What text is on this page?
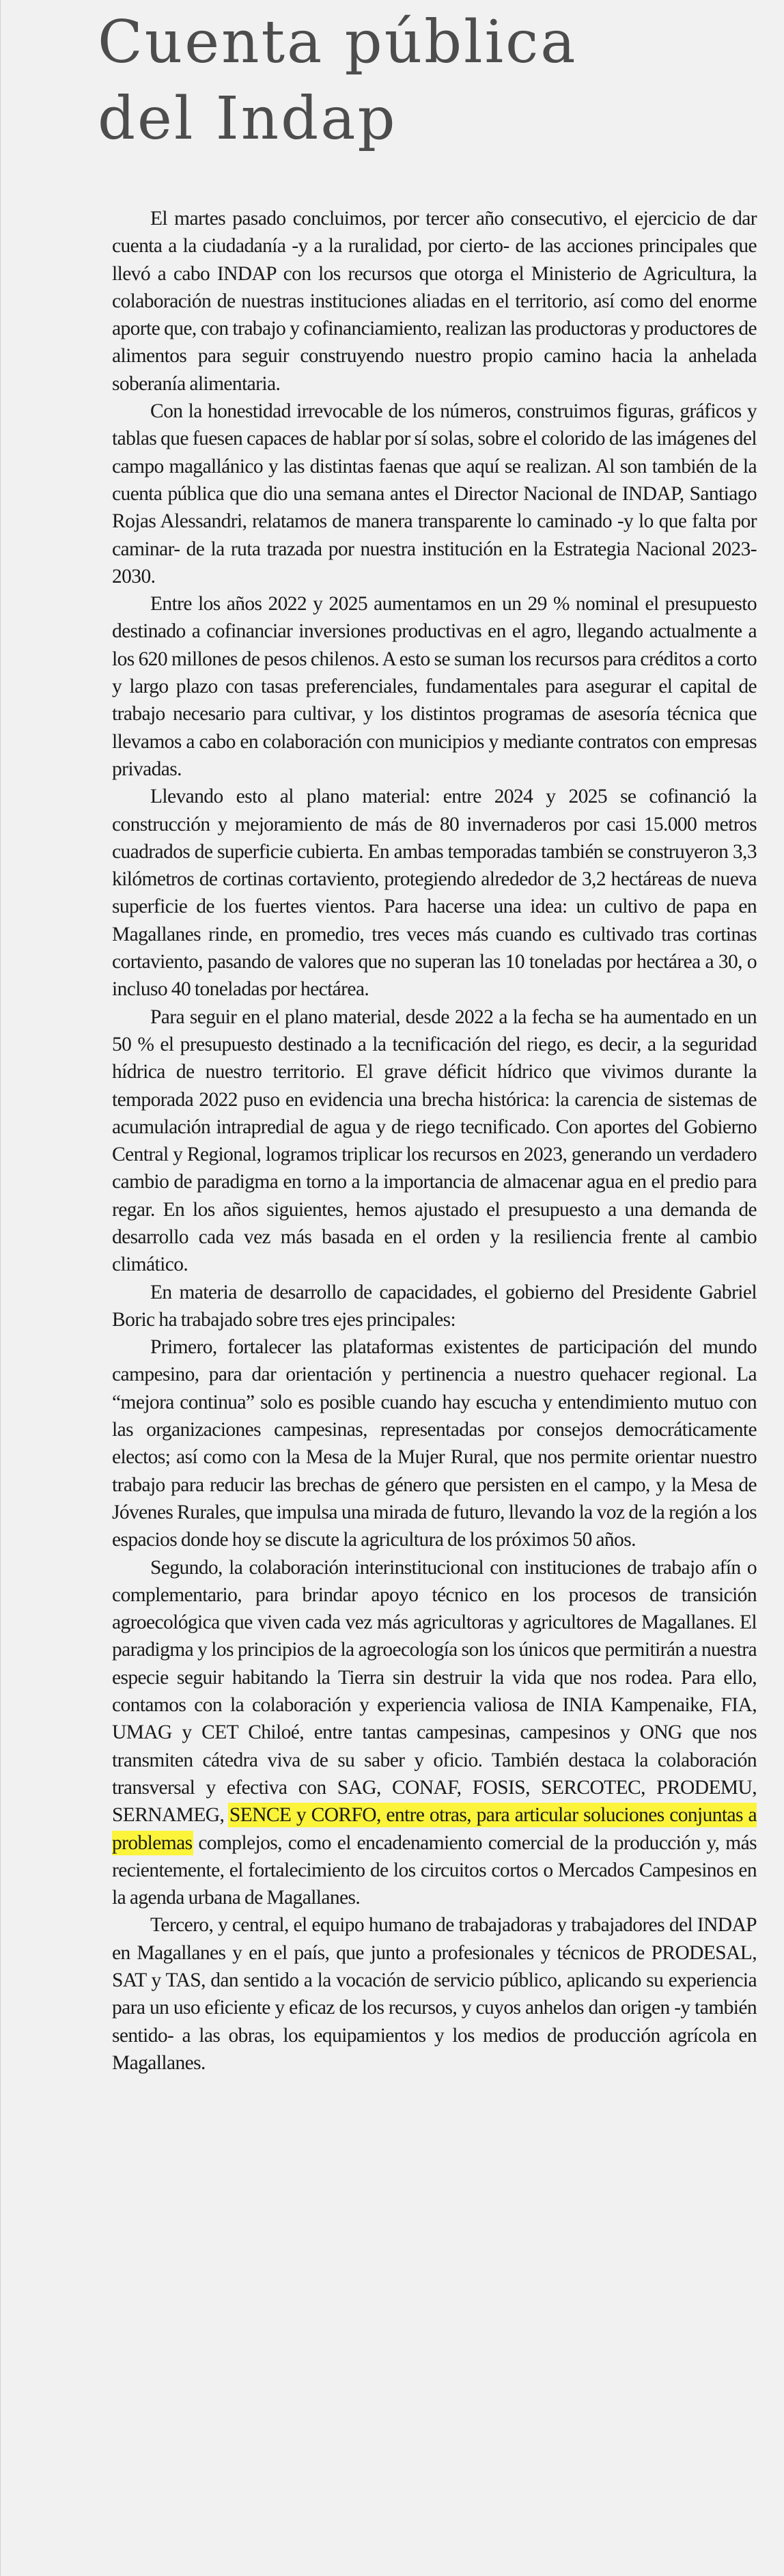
Cuenta pública
del Indap

El martes pasado concluimos, por tercer año consecutivo, el ejercicio de dar cuenta a la ciudadanía -y a la ruralidad, por cierto- de las acciones principales que llevó a cabo INDAP con los recursos que otorga el Ministerio de Agricultura, la colaboración de nuestras instituciones aliadas en el territorio, así como del enorme aporte que, con trabajo y cofinanciamiento, realizan las productoras y productores de alimentos para seguir construyendo nuestro propio camino hacia la anhelada soberanía alimentaria.

Con la honestidad irrevocable de los números, construimos figuras, gráficos y tablas que fuesen capaces de hablar por sí solas, sobre el colorido de las imágenes del campo magallánico y las distintas faenas que aquí se realizan. Al son también de la cuenta pública que dio una semana antes el Director Nacional de INDAP, Santiago Rojas Alessandri, relatamos de manera transparente lo caminado -y lo que falta por caminar- de la ruta trazada por nuestra institución en la Estrategia Nacional 2023-2030.

Entre los años 2022 y 2025 aumentamos en un 29 % nominal el presupuesto destinado a cofinanciar inversiones productivas en el agro, llegando actualmente a los 620 millones de pesos chilenos. A esto se suman los recursos para créditos a corto y largo plazo con tasas preferenciales, fundamentales para asegurar el capital de trabajo necesario para cultivar, y los distintos programas de asesoría técnica que llevamos a cabo en colaboración con municipios y mediante contratos con empresas privadas.

Llevando esto al plano material: entre 2024 y 2025 se cofinanció la construcción y mejoramiento de más de 80 invernaderos por casi 15.000 metros cuadrados de superficie cubierta. En ambas temporadas también se construyeron 3,3 kilómetros de cortinas cortaviento, protegiendo alrededor de 3,2 hectáreas de nueva superficie de los fuertes vientos. Para hacerse una idea: un cultivo de papa en Magallanes rinde, en promedio, tres veces más cuando es cultivado tras cortinas cortaviento, pasando de valores que no superan las 10 toneladas por hectárea a 30, o incluso 40 toneladas por hectárea.

Para seguir en el plano material, desde 2022 a la fecha se ha aumentado en un 50 % el presupuesto destinado a la tecnificación del riego, es decir, a la seguridad hídrica de nuestro territorio. El grave déficit hídrico que vivimos durante la temporada 2022 puso en evidencia una brecha histórica: la carencia de sistemas de acumulación intrapredial de agua y de riego tecnificado. Con aportes del Gobierno Central y Regional, logramos triplicar los recursos en 2023, generando un verdadero cambio de paradigma en torno a la importancia de almacenar agua en el predio para regar. En los años siguientes, hemos ajustado el presupuesto a una demanda de desarrollo cada vez más basada en el orden y la resiliencia frente al cambio climático.

En materia de desarrollo de capacidades, el gobierno del Presidente Gabriel Boric ha trabajado sobre tres ejes principales:

Primero, fortalecer las plataformas existentes de participación del mundo campesino, para dar orientación y pertinencia a nuestro quehacer regional. La “mejora continua” solo es posible cuando hay escucha y entendimiento mutuo con las organizaciones campesinas, representadas por consejos democráticamente electos; así como con la Mesa de la Mujer Rural, que nos permite orientar nuestro trabajo para reducir las brechas de género que persisten en el campo, y la Mesa de Jóvenes Rurales, que impulsa una mirada de futuro, llevando la voz de la región a los espacios donde hoy se discute la agricultura de los próximos 50 años.

Segundo, la colaboración interinstitucional con instituciones de trabajo afín o complementario, para brindar apoyo técnico en los procesos de transición agroecológica que viven cada vez más agricultoras y agricultores de Magallanes. El paradigma y los principios de la agroecología son los únicos que permitirán a nuestra especie seguir habitando la Tierra sin destruir la vida que nos rodea. Para ello, contamos con la colaboración y experiencia valiosa de INIA Kampenaike, FIA, UMAG y CET Chiloé, entre tantas campesinas, campesinos y ONG que nos transmiten cátedra viva de su saber y oficio. También destaca la colaboración transversal y efectiva con SAG, CONAF, FOSIS, SERCOTEC, PRODEMU, SERNAMEG, SENCE y CORFO, entre otras, para articular soluciones conjuntas a problemas complejos, como el encadenamiento comercial de la producción y, más recientemente, el fortalecimiento de los circuitos cortos o Mercados Campesinos en la agenda urbana de Magallanes.

Tercero, y central, el equipo humano de trabajadoras y trabajadores del INDAP en Magallanes y en el país, que junto a profesionales y técnicos de PRODESAL, SAT y TAS, dan sentido a la vocación de servicio público, aplicando su experiencia para un uso eficiente y eficaz de los recursos, y cuyos anhelos dan origen -y también sentido- a las obras, los equipamientos y los medios de producción agrícola en Magallanes.
